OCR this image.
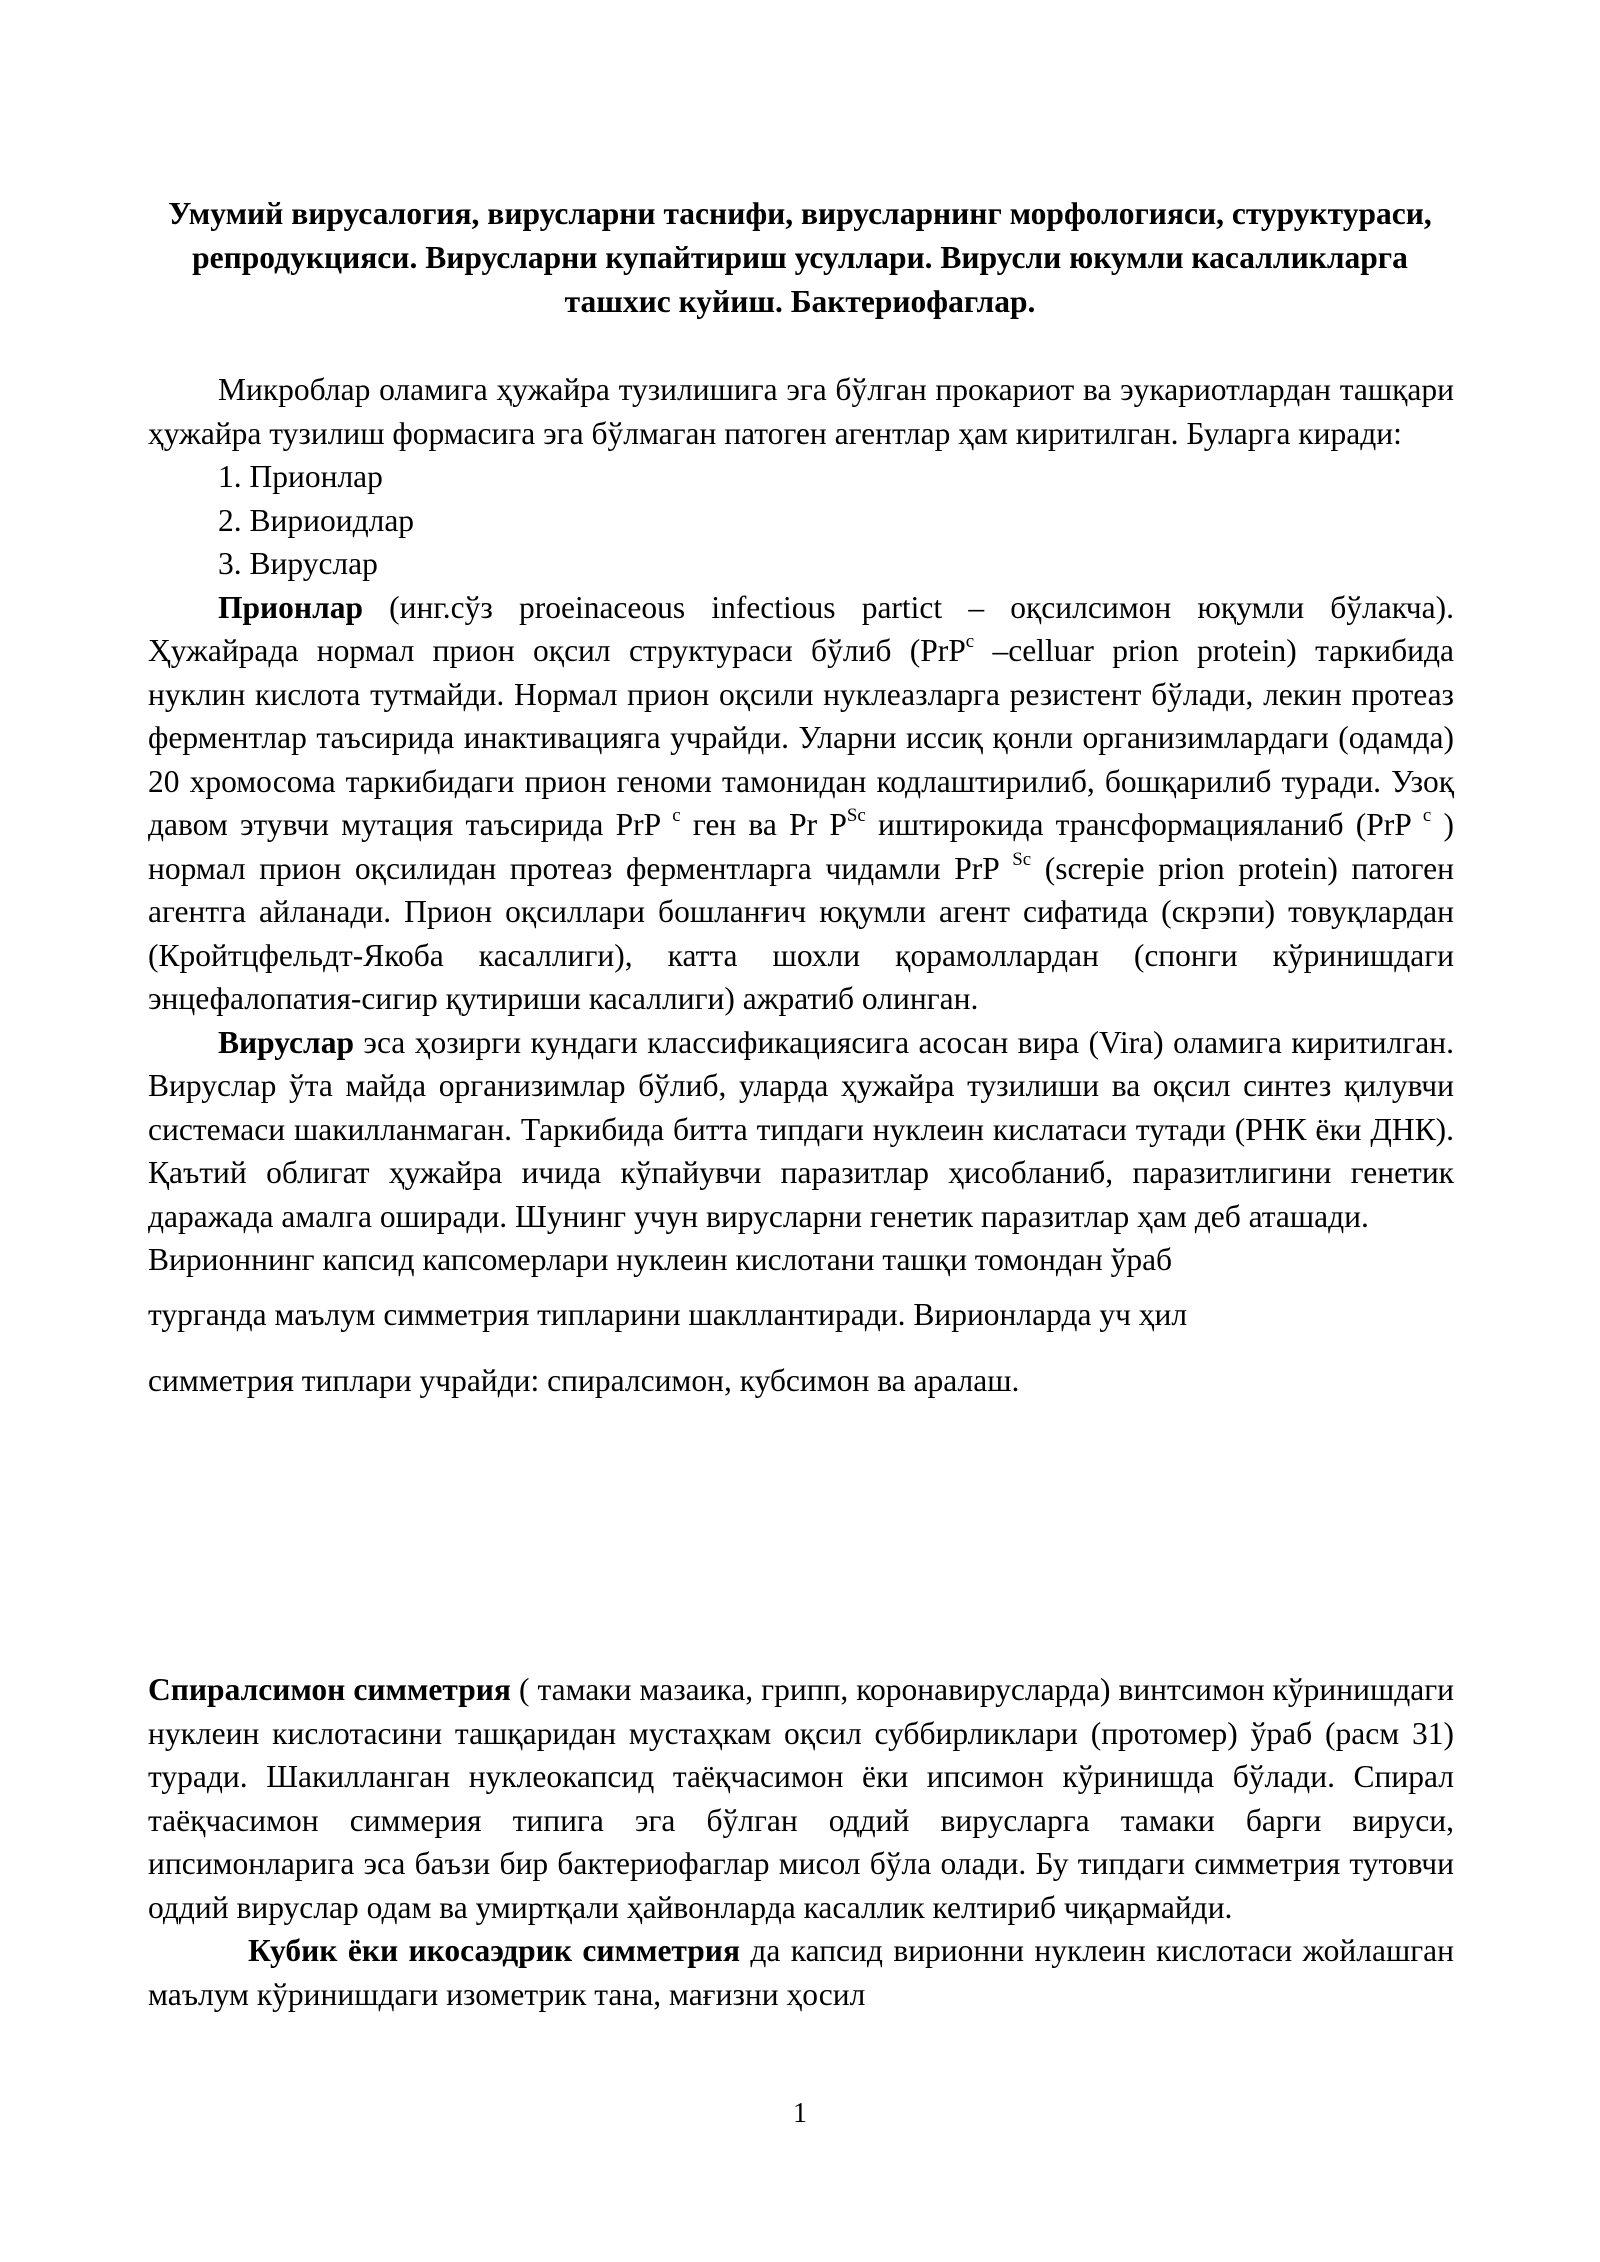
Умумий вирусалогия, вирусларни таснифи, вирусларнинг морфологияси, стуруктураси, репродукцияси. Вирусларни купайтириш усуллари. Вирусли юкумли касалликларга ташхис куйиш. Бактериофаглар.

Микроблар оламига ҳужайра тузилишига эга бўлган прокариот ва эукариотлардан ташқари ҳужайра тузилиш формасига эга бўлмаган патоген агентлар ҳам киритилган. Буларга киради:

1. Прионлар

2. Вириоидлар

3. Вируслар

Прионлар (инг.сўз proeinaceous infectious partict – оқсилсимон юқумли бўлакча). Ҳужайрада нормал прион оқсил структураси бўлиб (PrP$^c$ –celluar prion protein) таркибида нуклин кислота тутмайди. Нормал прион оқсили нуклеазларга резистент бўлади, лекин протеаз ферментлар таъсирида инактивацияга учрайди. Уларни иссиқ қонли организимлардаги (одамда) 20 хромосома таркибидаги прион геноми тамонидан кодлаштирилиб, бошқарилиб туради. Узоқ давом этувчи мутация таъсирида PrP $^c$ ген ва Pr $P^{Sc}$ иштирокида трансформацияланиб (PrP $^c$ ) нормал прион оқсилидан протеаз ферментларга чидамли PrP $^{Sc}$ (screpie prion protein) патоген агентга айланади. Прион оқсиллари бошланғич юқумли агент сифатида (скрэпи) товуқлардан (Кройтцфельдт-Якоба касаллиги), катта шохли қорамоллардан (спонги кўринишдаги энцефалопатия-сигир қутириши касаллиги) ажратиб олинган.

Вируслар эса ҳозирги кундаги классификациясига асосан вира (Vira) оламига киритилган. Вируслар ўта майда организимлар бўлиб, уларда ҳужайра тузилиши ва оқсил синтез қилувчи системаси шакилланмаган. Таркибида битта типдаги нуклеин кислатаси тутади (РНК ёки ДНК). Қаътий облигат ҳужайра ичида кўпайувчи паразитлар ҳисобланиб, паразитлигини генетик даражада амалга оширади. Шунинг учун вирусларни генетик паразитлар ҳам деб аташади.

Вирионнинг капсид капсомерлари нуклеин кислотани ташқи томондан ўраб

турганда маълум симметрия типларини шакллантиради. Вирионларда уч ҳил

симметрия типлари учрайди: спиралсимон, кубсимон ва аралаш.

Спиралсимон симметрия ( тамаки мазаика, грипп, коронавирусларда) винтсимон кўринишдаги нуклеин кислотасини ташқаридан мустаҳкам оқсил суббирликлари (протомер) ўраб (расм 31) туради. Шакилланган нуклеокапсид таёқчасимон ёки ипсимон кўринишда бўлади. Спирал таёқчасимон симмерия типига эга бўлган оддий вирусларга тамаки барги вируси, ипсимонларига эса баъзи бир бактериофаглар мисол бўла олади. Бу типдаги симметрия тутовчи оддий вируслар одам ва умиртқали ҳайвонларда касаллик келтириб чиқармайди.

Кубик ёки икосаэдрик симметрия да капсид вирионни нуклеин кислотаси жойлашган маълум кўринишдаги изометрик тана, мағизни ҳосил

1
